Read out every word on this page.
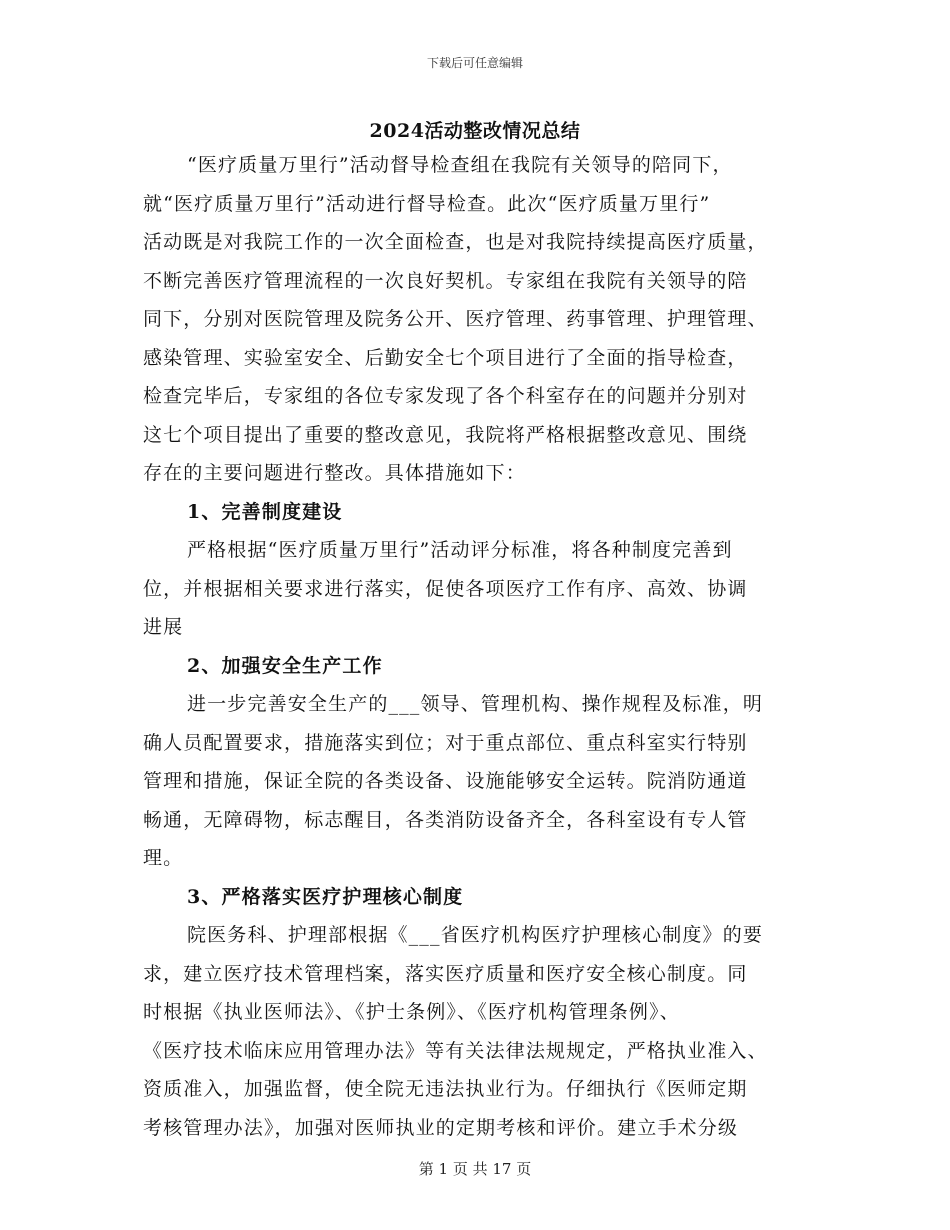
下载后可任意编辑
2024活动整改情况总结
“医疗质量万里行”活动督导检查组在我院有关领导的陪同下，
就“医疗质量万里行”活动进行督导检查。此次“医疗质量万里行”
活动既是对我院工作的一次全面检查，也是对我院持续提高医疗质量，
不断完善医疗管理流程的一次良好契机。专家组在我院有关领导的陪
同下，分别对医院管理及院务公开、医疗管理、药事管理、护理管理、
感染管理、实验室安全、后勤安全七个项目进行了全面的指导检查，
检查完毕后，专家组的各位专家发现了各个科室存在的问题并分别对
这七个项目提出了重要的整改意见，我院将严格根据整改意见、围绕
存在的主要问题进行整改。具体措施如下：
1、完善制度建设
严格根据“医疗质量万里行”活动评分标准，将各种制度完善到
位，并根据相关要求进行落实，促使各项医疗工作有序、高效、协调
进展
2、加强安全生产工作
进一步完善安全生产的___领导、管理机构、操作规程及标准，明
确人员配置要求，措施落实到位；对于重点部位、重点科室实行特别
管理和措施，保证全院的各类设备、设施能够安全运转。院消防通道
畅通，无障碍物，标志醒目，各类消防设备齐全，各科室设有专人管
理。
3、严格落实医疗护理核心制度
院医务科、护理部根据《___省医疗机构医疗护理核心制度》的要
求，建立医疗技术管理档案，落实医疗质量和医疗安全核心制度。同
时根据《执业医师法》、《护士条例》、《医疗机构管理条例》、
《医疗技术临床应用管理办法》等有关法律法规规定，严格执业准入、
资质准入，加强监督，使全院无违法执业行为。仔细执行《医师定期
考核管理办法》，加强对医师执业的定期考核和评价。建立手术分级
第 1 页 共 17 页
